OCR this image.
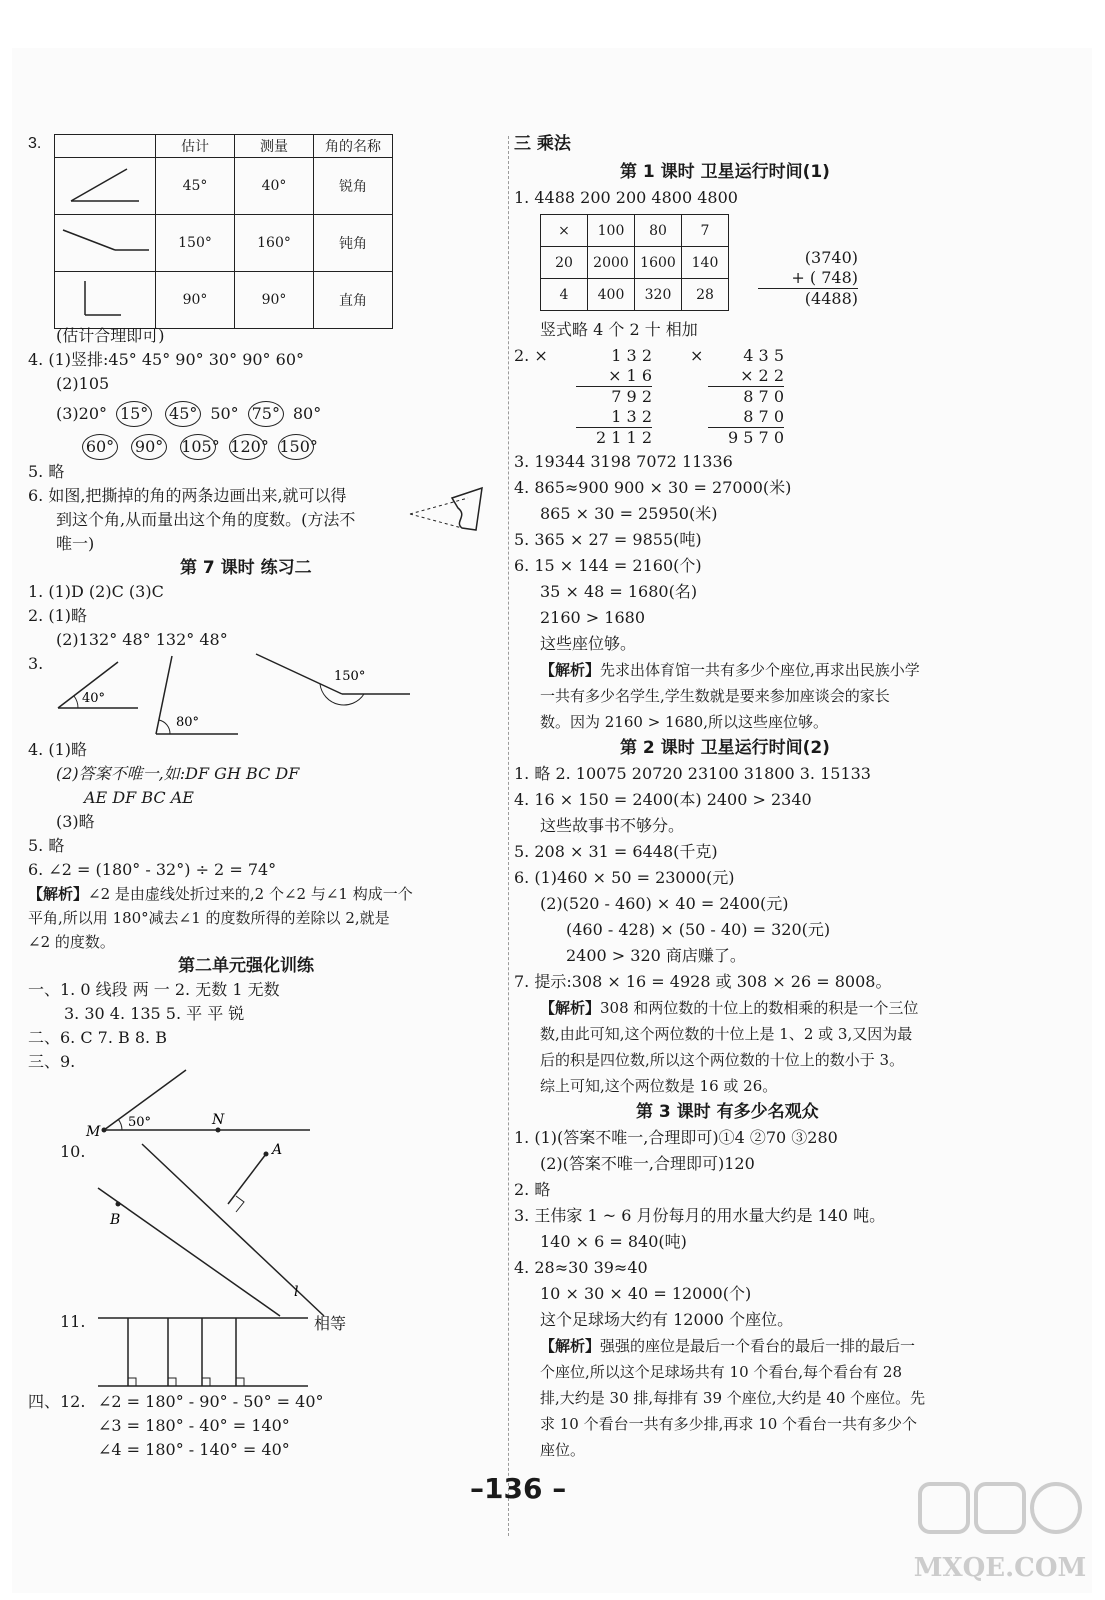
3.
		估计	测量	角的名称
	45°	40°	锐角
	150°	160°	钝角
	90°	90°	直角
(估计合理即可)
4. (1)竖排:45° 45° 90° 30° 90° 60°
(2)105
(3)20° 15° 45° 50° 75° 80°
60° 90° 105° 120° 150°
5. 略
6. 如图,把撕掉的角的两条边画出来,就可以得
到这个角,从而量出这个角的度数。(方法不
唯一)
第 7 课时 练习二
1. (1)D (2)C (3)C
2. (1)略
(2)132° 48° 132° 48°
3.
40°
80°
150°
4. (1)略
(2)答案不唯一,如:DF GH BC DF
AE DF BC AE
(3)略
5. 略
6. ∠2 = (180° - 32°) ÷ 2 = 74°
【解析】∠2 是由虚线处折过来的,2 个∠2 与∠1 构成一个
平角,所以用 180°减去∠1 的度数所得的差除以 2,就是
∠2 的度数。
第二单元强化训练
一、1. 0 线段 两 一 2. 无数 1 无数
3. 30 4. 135 5. 平 平 锐
二、6. C 7. B 8. B
三、9.
M
50°	N
10.	A
B
l
11.	相等
四、12. ∠2 = 180° - 90° - 50° = 40°
∠3 = 180° - 40° = 140°
∠4 = 180° - 140° = 40°
三 乘法
第 1 课时 卫星运行时间(1)
1. 4488 200 200 4800 4800
×	100	80	7
20	2000	1600	140
4	400	320	28
(3740)
+ ( 748)
(4488)
竖式略 4 个 2 十 相加
2. ×	1 3 2
× 1 6
7 9 2
1 3 2
2 1 1 2
×	4 3 5
× 2 2
8 7 0
8 7 0
9 5 7 0
3. 19344 3198 7072 11336
4. 865≈900 900 × 30 = 27000(米)
865 × 30 = 25950(米)
5. 365 × 27 = 9855(吨)
6. 15 × 144 = 2160(个)
35 × 48 = 1680(名)
2160 > 1680
这些座位够。
【解析】先求出体育馆一共有多少个座位,再求出民族小学
一共有多少名学生,学生数就是要来参加座谈会的家长
数。因为 2160 > 1680,所以这些座位够。
第 2 课时 卫星运行时间(2)
1. 略 2. 10075 20720 23100 31800 3. 15133
4. 16 × 150 = 2400(本) 2400 > 2340
这些故事书不够分。
5. 208 × 31 = 6448(千克)
6. (1)460 × 50 = 23000(元)
(2)(520 - 460) × 40 = 2400(元)
(460 - 428) × (50 - 40) = 320(元)
2400 > 320 商店赚了。
7. 提示:308 × 16 = 4928 或 308 × 26 = 8008。
【解析】308 和两位数的十位上的数相乘的积是一个三位
数,由此可知,这个两位数的十位上是 1、2 或 3,又因为最
后的积是四位数,所以这个两位数的十位上的数小于 3。
综上可知,这个两位数是 16 或 26。
第 3 课时 有多少名观众
1. (1)(答案不唯一,合理即可)①4 ②70 ③280
(2)(答案不唯一,合理即可)120
2. 略
3. 王伟家 1 ~ 6 月份每月的用水量大约是 140 吨。
140 × 6 = 840(吨)
4. 28≈30 39≈40
10 × 30 × 40 = 12000(个)
这个足球场大约有 12000 个座位。
【解析】强强的座位是最后一个看台的最后一排的最后一
个座位,所以这个足球场共有 10 个看台,每个看台有 28
排,大约是 30 排,每排有 39 个座位,大约是 40 个座位。先
求 10 个看台一共有多少排,再求 10 个看台一共有多少个
座位。
–136 –
MXQE.COM
